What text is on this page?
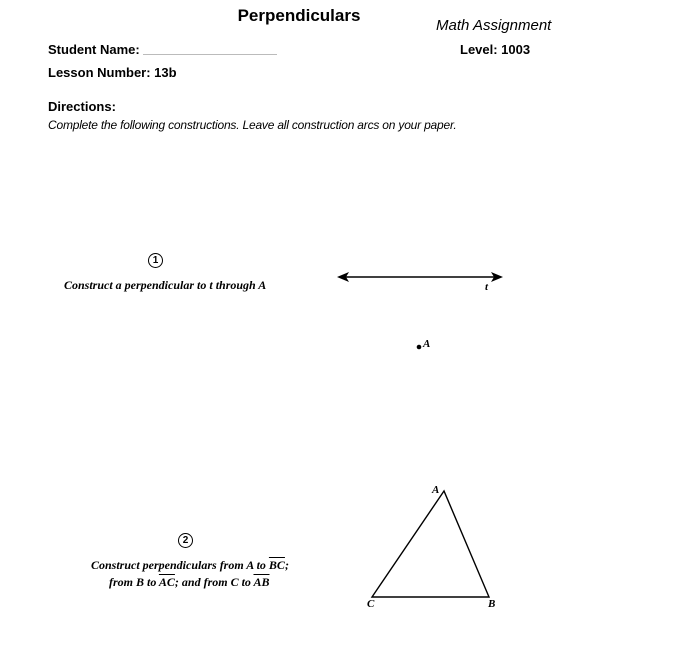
Perpendiculars
Math Assignment
Student Name:	Level: 1003
Lesson Number: 13b
Directions:
Complete the following constructions. Leave all construction arcs on your paper.
1
Construct a perpendicular to t through A
2
Construct perpendiculars from A to $\overline{BC}$;
from B to $\overline{AC}$; and from C to $\overline{AB}$
t
A
A
B
C
